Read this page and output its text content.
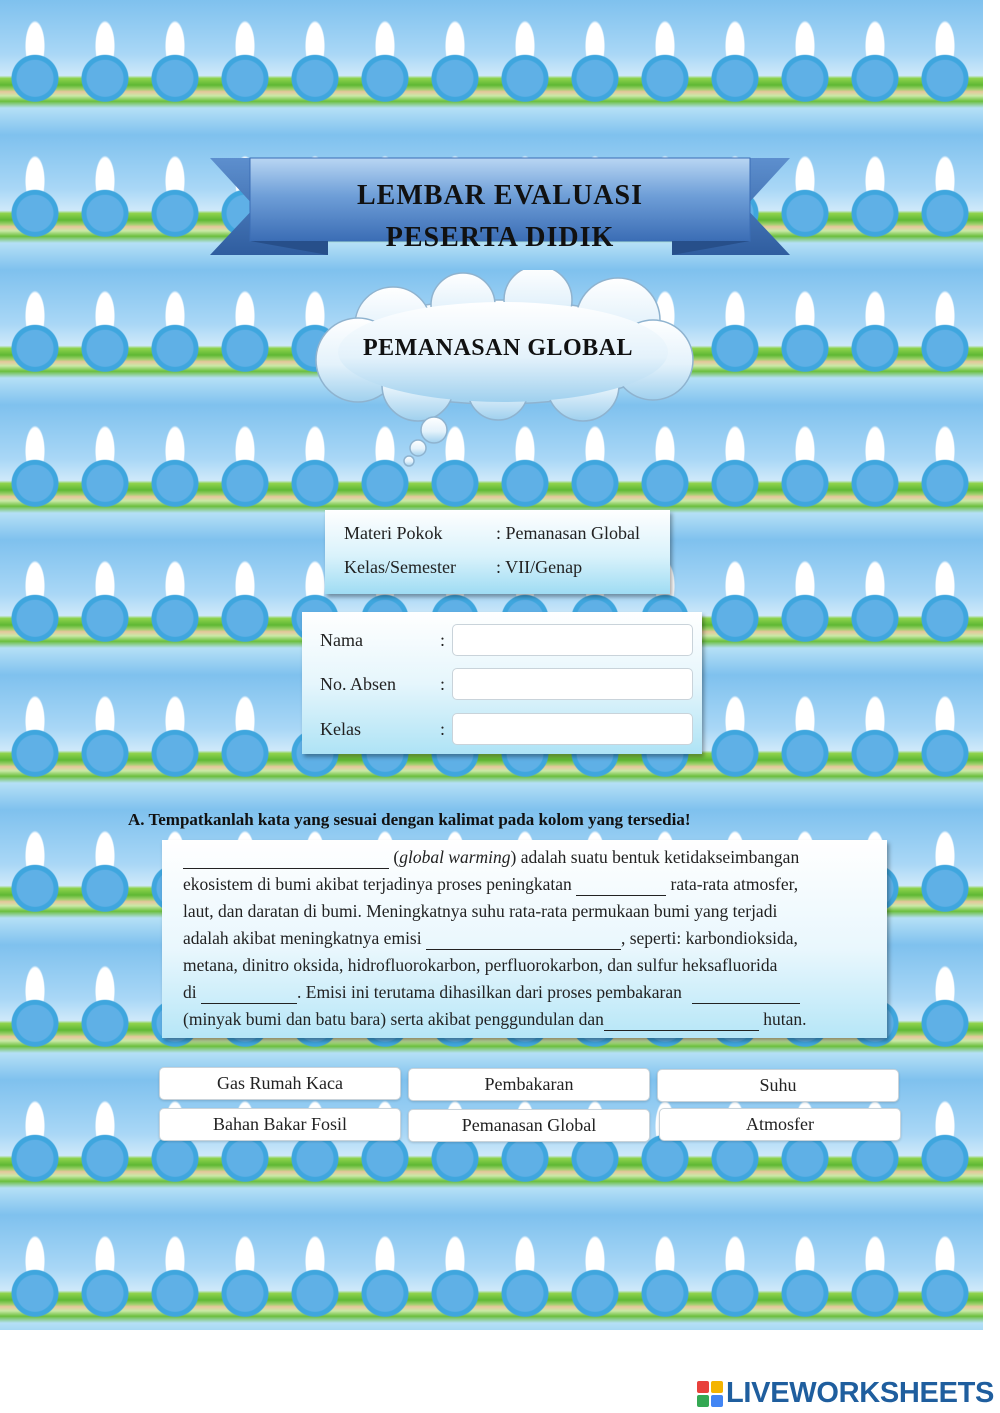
LEMBAR EVALUASI
PESERTA DIDIK
PEMANASAN GLOBAL
Materi Pokok	: Pemanasan Global
Kelas/Semester : VII/Genap
Nama	:
No. Absen :
Kelas	:
A. Tempatkanlah kata yang sesuai dengan kalimat pada kolom yang tersedia!
(global warming) adalah suatu bentuk ketidakseimbangan
ekosistem di bumi akibat terjadinya proses peningkatan	rata-rata atmosfer,
laut, dan daratan di bumi. Meningkatnya suhu rata-rata permukaan bumi yang terjadi
adalah akibat meningkatnya emisi	, seperti: karbondioksida,
metana, dinitro oksida, hidrofluorokarbon, perfluorokarbon, dan sulfur heksafluorida
di	. Emisi ini terutama dihasilkan dari proses pembakaran
(minyak bumi dan batu bara) serta akibat penggundulan dan	hutan.
Gas Rumah Kaca	Pembakaran	Suhu
Bahan Bakar Fosil	Pemanasan Global	Atmosfer
LIVEWORKSHEETS
